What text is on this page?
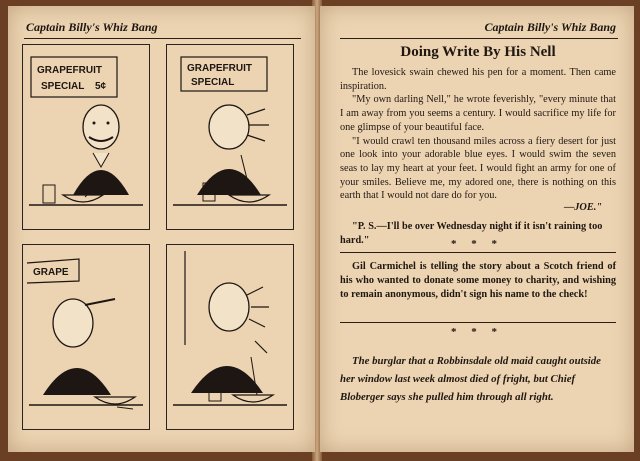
Captain Billy's Whiz Bang
GRAPEFRUIT
SPECIAL 5¢
GRAPEFRUIT
SPECIAL
GRAPE
Captain Billy's Whiz Bang
Doing Write By His Nell

The lovesick swain chewed his pen for a moment. Then came inspiration.

"My own darling Nell," he wrote feverishly, "every minute that I am away from you seems a century. I would sacrifice my life for one glimpse of your beautiful face.

"I would crawl ten thousand miles across a fiery desert for just one look into your adorable blue eyes. I would swim the seven seas to lay my heart at your feet. I would fight an army for one of your smiles. Believe me, my adored one, there is nothing on this earth that I would not dare do for you.

—JOE."
"P. S.—I'll be over Wednesday night if it isn't raining too hard."	* * *
Gil Carmichel is telling the story about a Scotch friend of his who wanted to donate some money to charity, and wishing to remain anonymous, didn't sign his name to the check!
* * *
The burglar that a Robbinsdale old maid caught outside her window last week almost died of fright, but Chief Bloberger says she pulled him through all right.
